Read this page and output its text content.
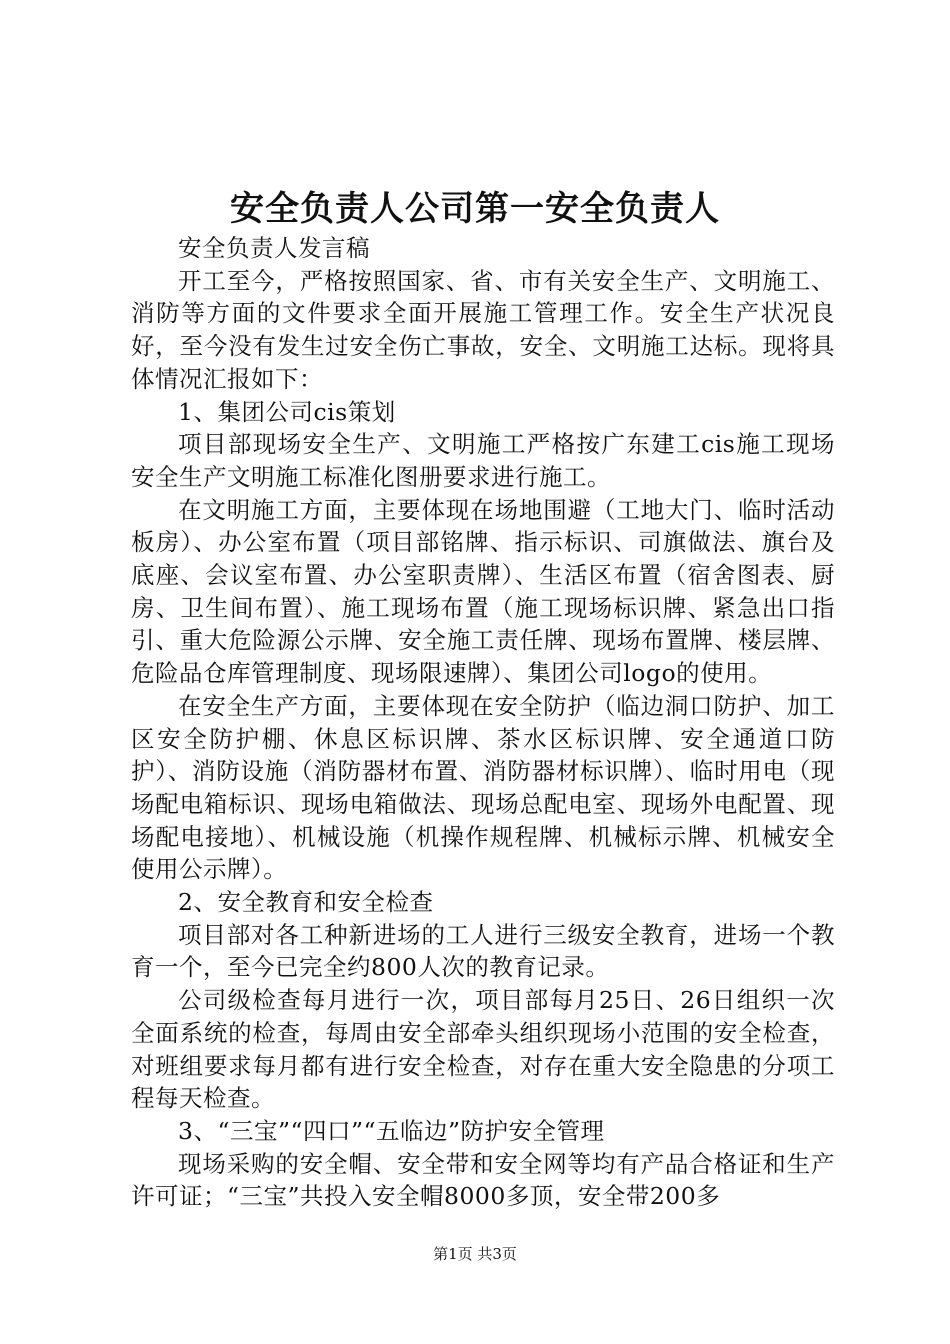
安全负责人公司第一安全负责人

安全负责人发言稿

开工至今，严格按照国家、省、市有关安全生产、文明施工、消防等方面的文件要求全面开展施工管理工作。安全生产状况良好，至今没有发生过安全伤亡事故，安全、文明施工达标。现将具体情况汇报如下：

1、集团公司cis策划

项目部现场安全生产、文明施工严格按广东建工cis施工现场安全生产文明施工标准化图册要求进行施工。

在文明施工方面，主要体现在场地围避（工地大门、临时活动板房）、办公室布置（项目部铭牌、指示标识、司旗做法、旗台及底座、会议室布置、办公室职责牌）、生活区布置（宿舍图表、厨房、卫生间布置）、施工现场布置（施工现场标识牌、紧急出口指引、重大危险源公示牌、安全施工责任牌、现场布置牌、楼层牌、危险品仓库管理制度、现场限速牌）、集团公司logo的使用。

在安全生产方面，主要体现在安全防护（临边洞口防护、加工区安全防护棚、休息区标识牌、茶水区标识牌、安全通道口防护）、消防设施（消防器材布置、消防器材标识牌）、临时用电（现场配电箱标识、现场电箱做法、现场总配电室、现场外电配置、现场配电接地）、机械设施（机操作规程牌、机械标示牌、机械安全使用公示牌）。

2、安全教育和安全检查

项目部对各工种新进场的工人进行三级安全教育，进场一个教育一个，至今已完全约800人次的教育记录。

公司级检查每月进行一次，项目部每月25日、26日组织一次全面系统的检查，每周由安全部牵头组织现场小范围的安全检查，对班组要求每月都有进行安全检查，对存在重大安全隐患的分项工程每天检查。

3、“三宝”“四口”“五临边”防护安全管理

现场采购的安全帽、安全带和安全网等均有产品合格证和生产许可证；“三宝”共投入安全帽8000多顶，安全带200多

第1页 共3页
